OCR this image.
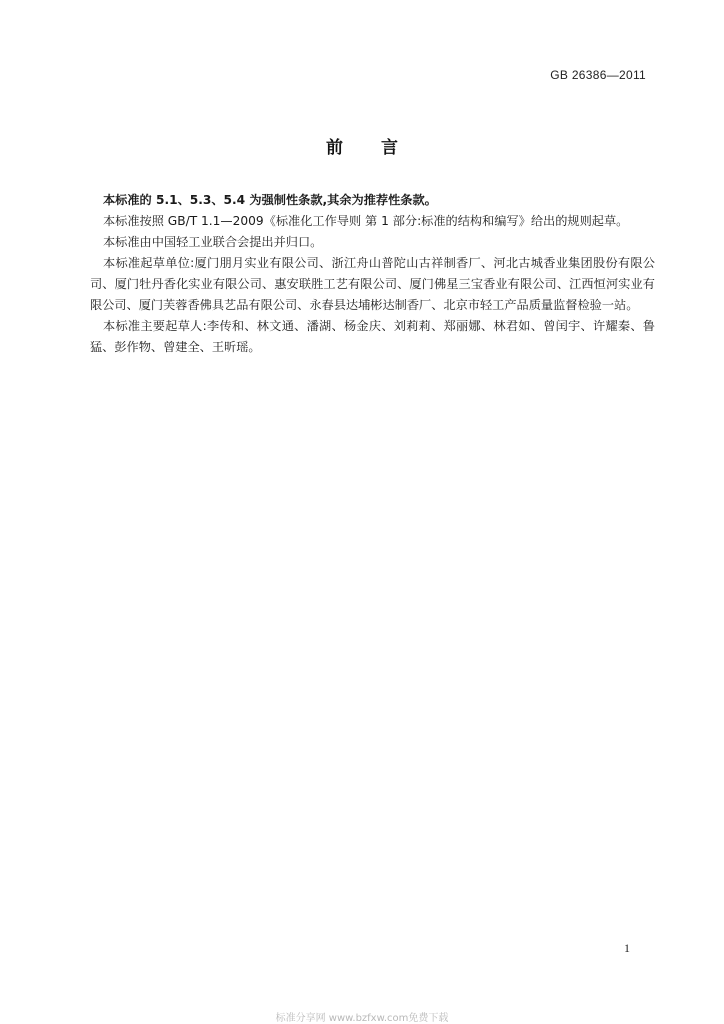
GB 26386—2011
前 言

本标准的 5.1、5.3、5.4 为强制性条款,其余为推荐性条款。

本标准按照 GB/T 1.1—2009《标准化工作导则 第 1 部分:标准的结构和编写》给出的规则起草。

本标准由中国轻工业联合会提出并归口。

本标准起草单位:厦门朋月实业有限公司、浙江舟山普陀山古祥制香厂、河北古城香业集团股份有限公司、厦门牡丹香化实业有限公司、惠安联胜工艺有限公司、厦门佛星三宝香业有限公司、江西恒河实业有限公司、厦门芙蓉香佛具艺品有限公司、永春县达埔彬达制香厂、北京市轻工产品质量监督检验一站。

本标准主要起草人:李传和、林文通、潘湖、杨金庆、刘莉莉、郑丽娜、林君如、曾闰宇、许耀秦、鲁猛、彭作物、曾建全、王昕瑶。

1
标准分享网 www.bzfxw.com免费下载
